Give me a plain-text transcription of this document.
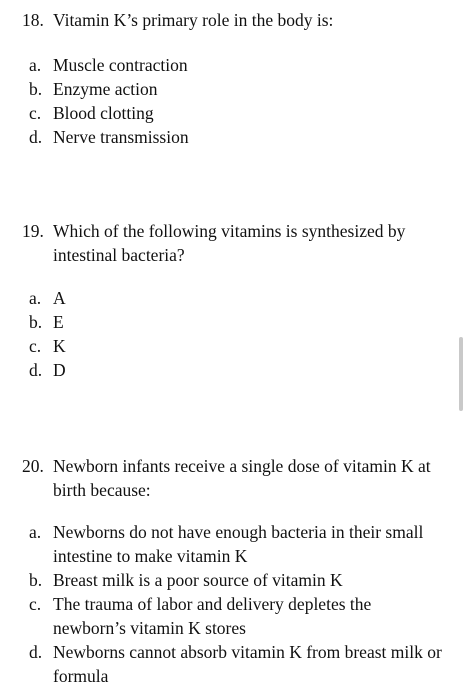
18. Vitamin K’s primary role in the body is:
a. Muscle contraction
b. Enzyme action
c. Blood clotting
d. Nerve transmission
19. Which of the following vitamins is synthesized by intestinal bacteria?
a. A
b. E
c. K
d. D
20. Newborn infants receive a single dose of vitamin K at birth because:
a. Newborns do not have enough bacteria in their small intestine to make vitamin K
b. Breast milk is a poor source of vitamin K
c. The trauma of labor and delivery depletes the newborn’s vitamin K stores
d. Newborns cannot absorb vitamin K from breast milk or formula
